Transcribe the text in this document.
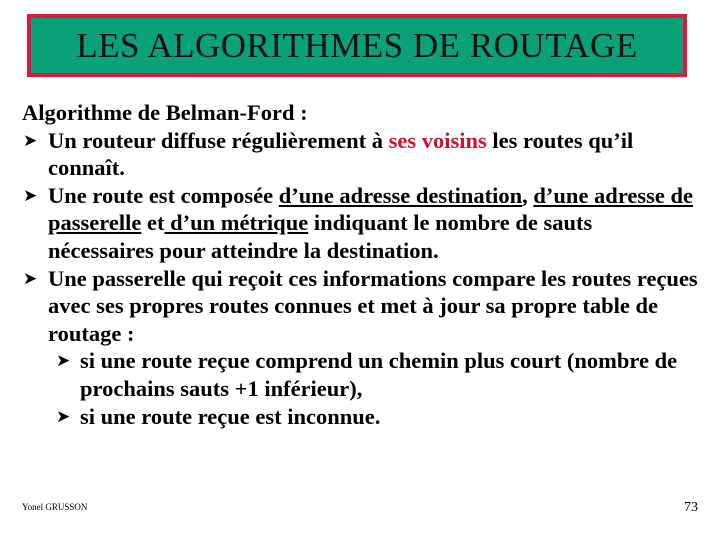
LES ALGORITHMES DE ROUTAGE

Algorithme de Belman-Ford :

➤ Un routeur diffuse régulièrement à ses voisins les routes qu’il connaît.

➤ Une route est composée d’une adresse destination, d’une adresse de passerelle et d’un métrique indiquant le nombre de sauts nécessaires pour atteindre la destination.

➤ Une passerelle qui reçoit ces informations compare les routes reçues avec ses propres routes connues et met à jour sa propre table de routage :

➤ si une route reçue comprend un chemin plus court (nombre de prochains sauts +1 inférieur),

➤ si une route reçue est inconnue.

Yonel GRUSSON	73
